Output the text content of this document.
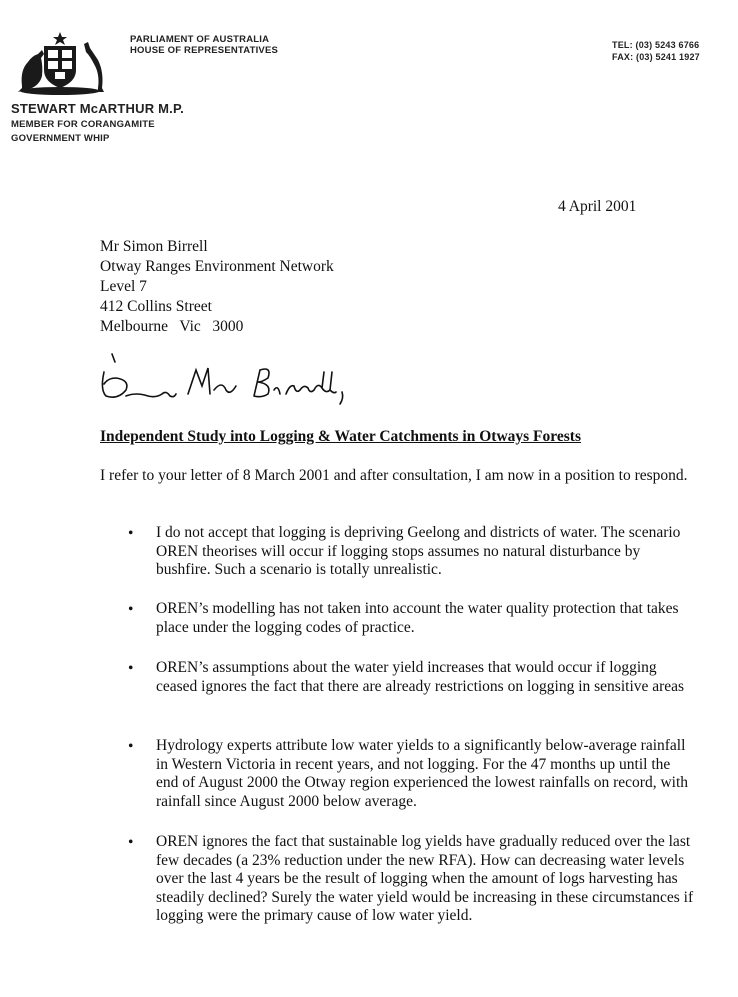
PARLIAMENT OF AUSTRALIA
HOUSE OF REPRESENTATIVES	TEL: (03) 5243 6766
FAX: (03) 5241 1927
STEWART McARTHUR M.P.
MEMBER FOR CORANGAMITE
GOVERNMENT WHIP
4 April 2001
Mr Simon Birrell
Otway Ranges Environment Network
Level 7
412 Collins Street
Melbourne   Vic   3000
Independent Study into Logging & Water Catchments in Otways Forests
I refer to your letter of 8 March 2001 and after consultation, I am now in a position to respond.
• I do not accept that logging is depriving Geelong and districts of water. The scenario OREN theorises will occur if logging stops assumes no natural disturbance by bushfire. Such a scenario is totally unrealistic.
• OREN’s modelling has not taken into account the water quality protection that takes place under the logging codes of practice.
• OREN’s assumptions about the water yield increases that would occur if logging ceased ignores the fact that there are already restrictions on logging in sensitive areas
• Hydrology experts attribute low water yields to a significantly below-average rainfall in Western Victoria in recent years, and not logging. For the 47 months up until the end of August 2000 the Otway region experienced the lowest rainfalls on record, with rainfall since August 2000 below average.
• OREN ignores the fact that sustainable log yields have gradually reduced over the last few decades (a 23% reduction under the new RFA). How can decreasing water levels over the last 4 years be the result of logging when the amount of logs harvesting has steadily declined? Surely the water yield would be increasing in these circumstances if logging were the primary cause of low water yield.
